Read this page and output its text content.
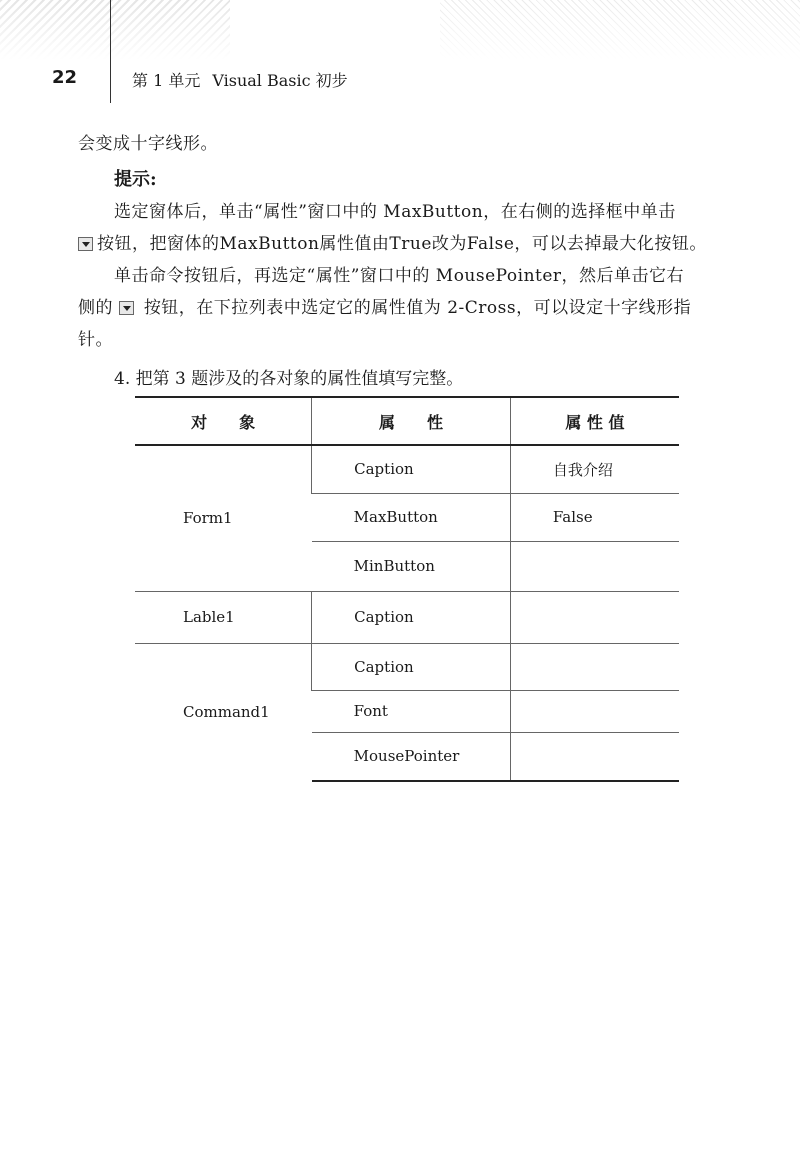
22	第 1 单元 Visual Basic 初步
会变成十字线形。
提示:
选定窗体后，单击“属性”窗口中的 MaxButton，在右侧的选择框中单击
按钮，把窗体的MaxButton属性值由True改为False，可以去掉最大化按钮。
单击命令按钮后，再选定“属性”窗口中的 MousePointer，然后单击它右
侧的 按钮，在下拉列表中选定它的属性值为 2-Cross，可以设定十字线形指
针。
4. 把第 3 题涉及的各对象的属性值填写完整。
对　　象	属　　性	属 性 值
Form1	Caption	自我介绍
	MaxButton	False
	MinButton	
Lable1	Caption	
Command1	Caption	
	Font	
	MousePointer	
